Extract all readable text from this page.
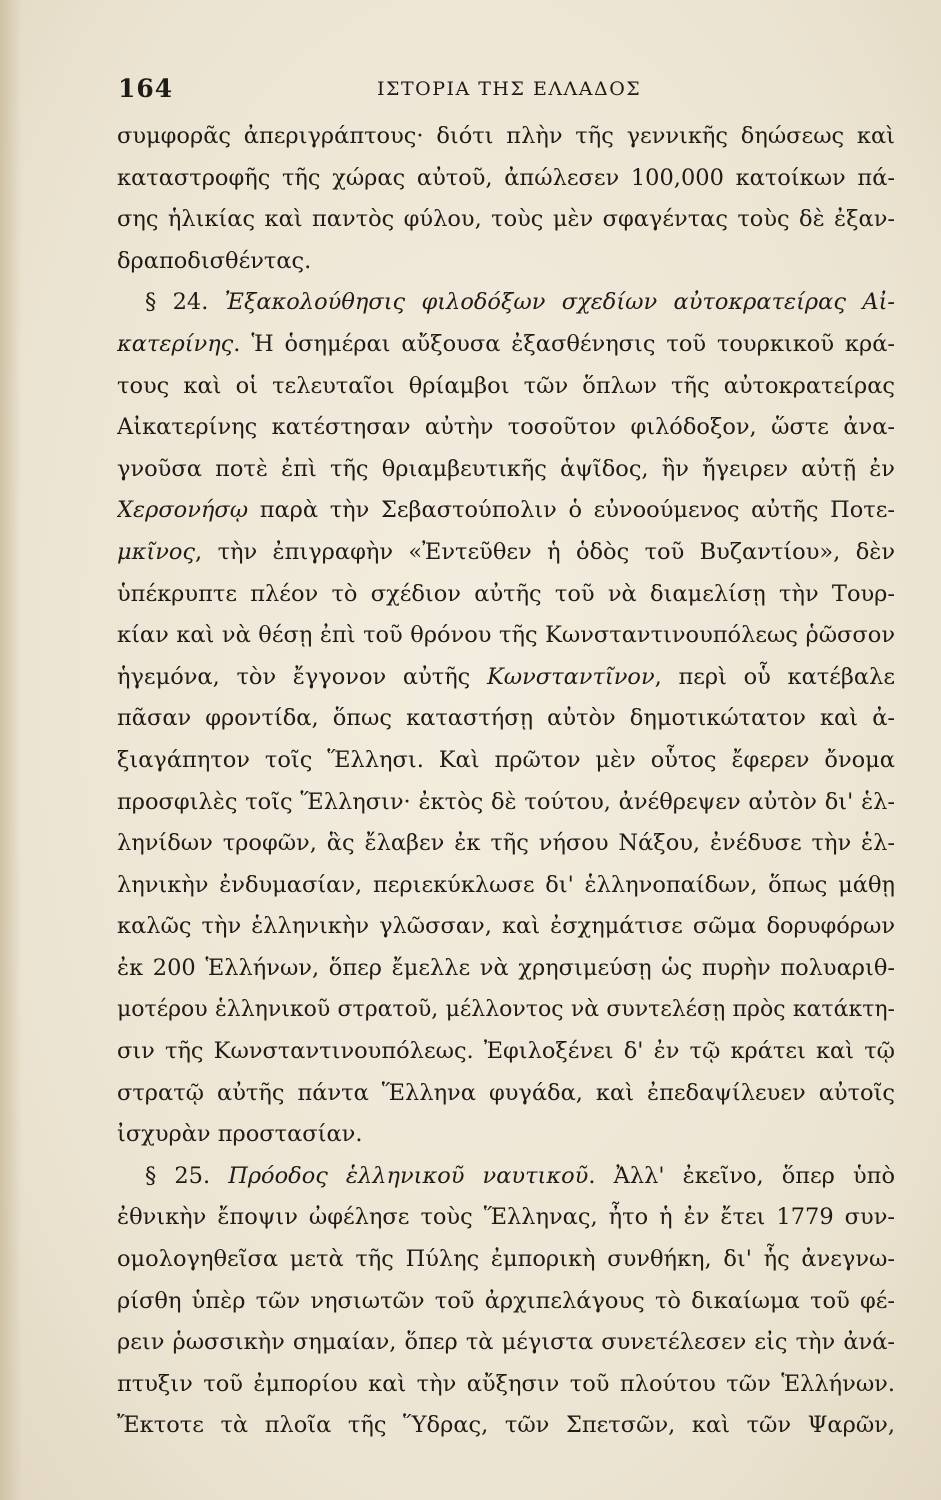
164	ΙΣΤΟΡΙΑ ΤΗΣ ΕΛΛΑΔΟΣ
συμφορᾶς ἀπεριγράπτους· διότι πλὴν τῆς γεννικῆς δηώσεως καὶ
καταστροφῆς τῆς χώρας αὐτοῦ, ἀπώλεσεν 100,000 κατοίκων πά-
σης ἡλικίας καὶ παντὸς φύλου, τοὺς μὲν σφαγέντας τοὺς δὲ ἐξαν-
δραποδισθέντας.
§ 24. Ἐξακολούθησις φιλοδόξων σχεδίων αὐτοκρατείρας Αἰ-
κατερίνης. Ἡ ὁσημέραι αὔξουσα ἐξασθένησις τοῦ τουρκικοῦ κρά-
τους καὶ οἱ τελευταῖοι θρίαμβοι τῶν ὅπλων τῆς αὐτοκρατείρας
Αἰκατερίνης κατέστησαν αὐτὴν τοσοῦτον φιλόδοξον, ὥστε ἀνα-
γνοῦσα ποτὲ ἐπὶ τῆς θριαμβευτικῆς ἁψῖδος, ἣν ἤγειρεν αὐτῇ ἐν
Χερσονήσῳ παρὰ τὴν Σεβαστούπολιν ὁ εὐνοούμενος αὐτῆς Ποτε-
μκῖνος, τὴν ἐπιγραφὴν «Ἐντεῦθεν ἡ ὁδὸς τοῦ Βυζαντίου», δὲν
ὑπέκρυπτε πλέον τὸ σχέδιον αὐτῆς τοῦ νὰ διαμελίσῃ τὴν Τουρ-
κίαν καὶ νὰ θέσῃ ἐπὶ τοῦ θρόνου τῆς Κωνσταντινουπόλεως ῥῶσσον
ἡγεμόνα, τὸν ἔγγονον αὐτῆς Κωνσταντῖνον, περὶ οὗ κατέβαλε
πᾶσαν φροντίδα, ὅπως καταστήσῃ αὐτὸν δημοτικώτατον καὶ ἀ-
ξιαγάπητον τοῖς Ἕλλησι. Καὶ πρῶτον μὲν οὗτος ἔφερεν ὄνομα
προσφιλὲς τοῖς Ἕλλησιν· ἐκτὸς δὲ τούτου, ἀνέθρεψεν αὐτὸν δι' ἑλ-
ληνίδων τροφῶν, ἃς ἔλαβεν ἐκ τῆς νήσου Νάξου, ἐνέδυσε τὴν ἑλ-
ληνικὴν ἐνδυμασίαν, περιεκύκλωσε δι' ἑλληνοπαίδων, ὅπως μάθῃ
καλῶς τὴν ἑλληνικὴν γλῶσσαν, καὶ ἐσχημάτισε σῶμα δορυφόρων
ἐκ 200 Ἑλλήνων, ὅπερ ἔμελλε νὰ χρησιμεύσῃ ὡς πυρὴν πολυαριθ-
μοτέρου ἑλληνικοῦ στρατοῦ, μέλλοντος νὰ συντελέσῃ πρὸς κατάκτη-
σιν τῆς Κωνσταντινουπόλεως. Ἐφιλοξένει δ' ἐν τῷ κράτει καὶ τῷ
στρατῷ αὐτῆς πάντα Ἕλληνα φυγάδα, καὶ ἐπεδαψίλευεν αὐτοῖς
ἰσχυρὰν προστασίαν.
§ 25. Πρόοδος ἑλληνικοῦ ναυτικοῦ. Ἀλλ' ἐκεῖνο, ὅπερ ὑπὸ
ἐθνικὴν ἔποψιν ὠφέλησε τοὺς Ἕλληνας, ἦτο ἡ ἐν ἔτει 1779 συν-
ομολογηθεῖσα μετὰ τῆς Πύλης ἐμπορικὴ συνθήκη, δι' ἧς ἀνεγνω-
ρίσθη ὑπὲρ τῶν νησιωτῶν τοῦ ἀρχιπελάγους τὸ δικαίωμα τοῦ φέ-
ρειν ῥωσσικὴν σημαίαν, ὅπερ τὰ μέγιστα συνετέλεσεν εἰς τὴν ἀνά-
πτυξιν τοῦ ἐμπορίου καὶ τὴν αὔξησιν τοῦ πλούτου τῶν Ἑλλήνων.
Ἔκτοτε τὰ πλοῖα τῆς Ὕδρας, τῶν Σπετσῶν, καὶ τῶν Ψαρῶν,
